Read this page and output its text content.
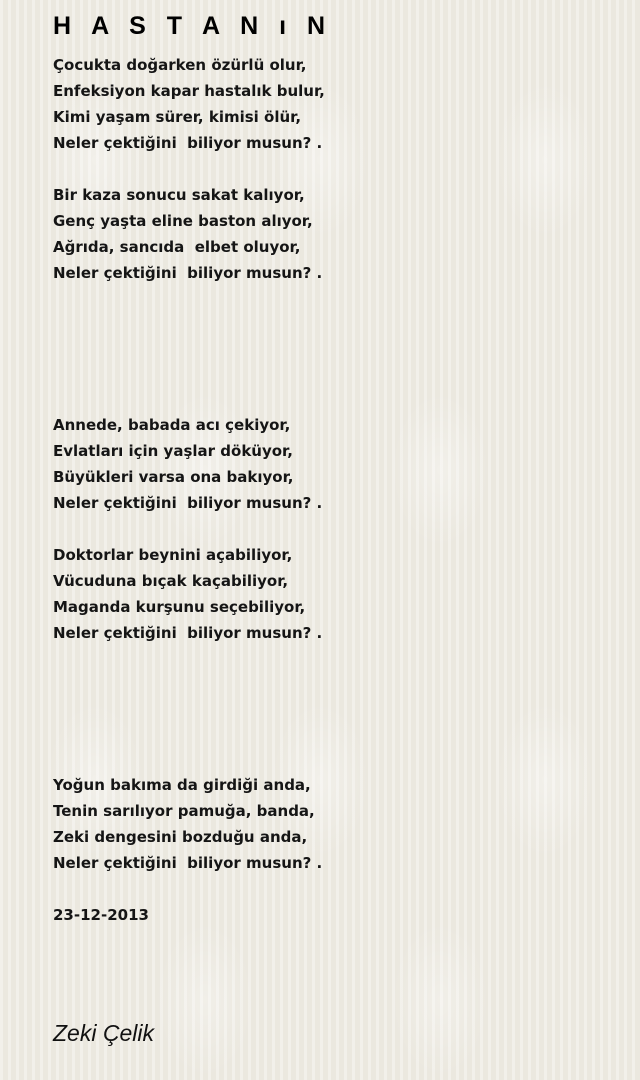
H A S T A N ı N
Çocukta doğarken özürlü olur,
Enfeksiyon kapar hastalık bulur,
Kimi yaşam sürer, kimisi ölür,
Neler çektiğini  biliyor musun? .
Bir kaza sonucu sakat kalıyor,
Genç yaşta eline baston alıyor,
Ağrıda, sancıda  elbet oluyor,
Neler çektiğini  biliyor musun? .
Annede, babada acı çekiyor,
Evlatları için yaşlar döküyor,
Büyükleri varsa ona bakıyor,
Neler çektiğini  biliyor musun? .
Doktorlar beynini açabiliyor,
Vücuduna bıçak kaçabiliyor,
Maganda kurşunu seçebiliyor,
Neler çektiğini  biliyor musun? .
Yoğun bakıma da girdiği anda,
Tenin sarılıyor pamuğa, banda,
Zeki dengesini bozduğu anda,
Neler çektiğini  biliyor musun? .
23-12-2013
Zeki Çelik
